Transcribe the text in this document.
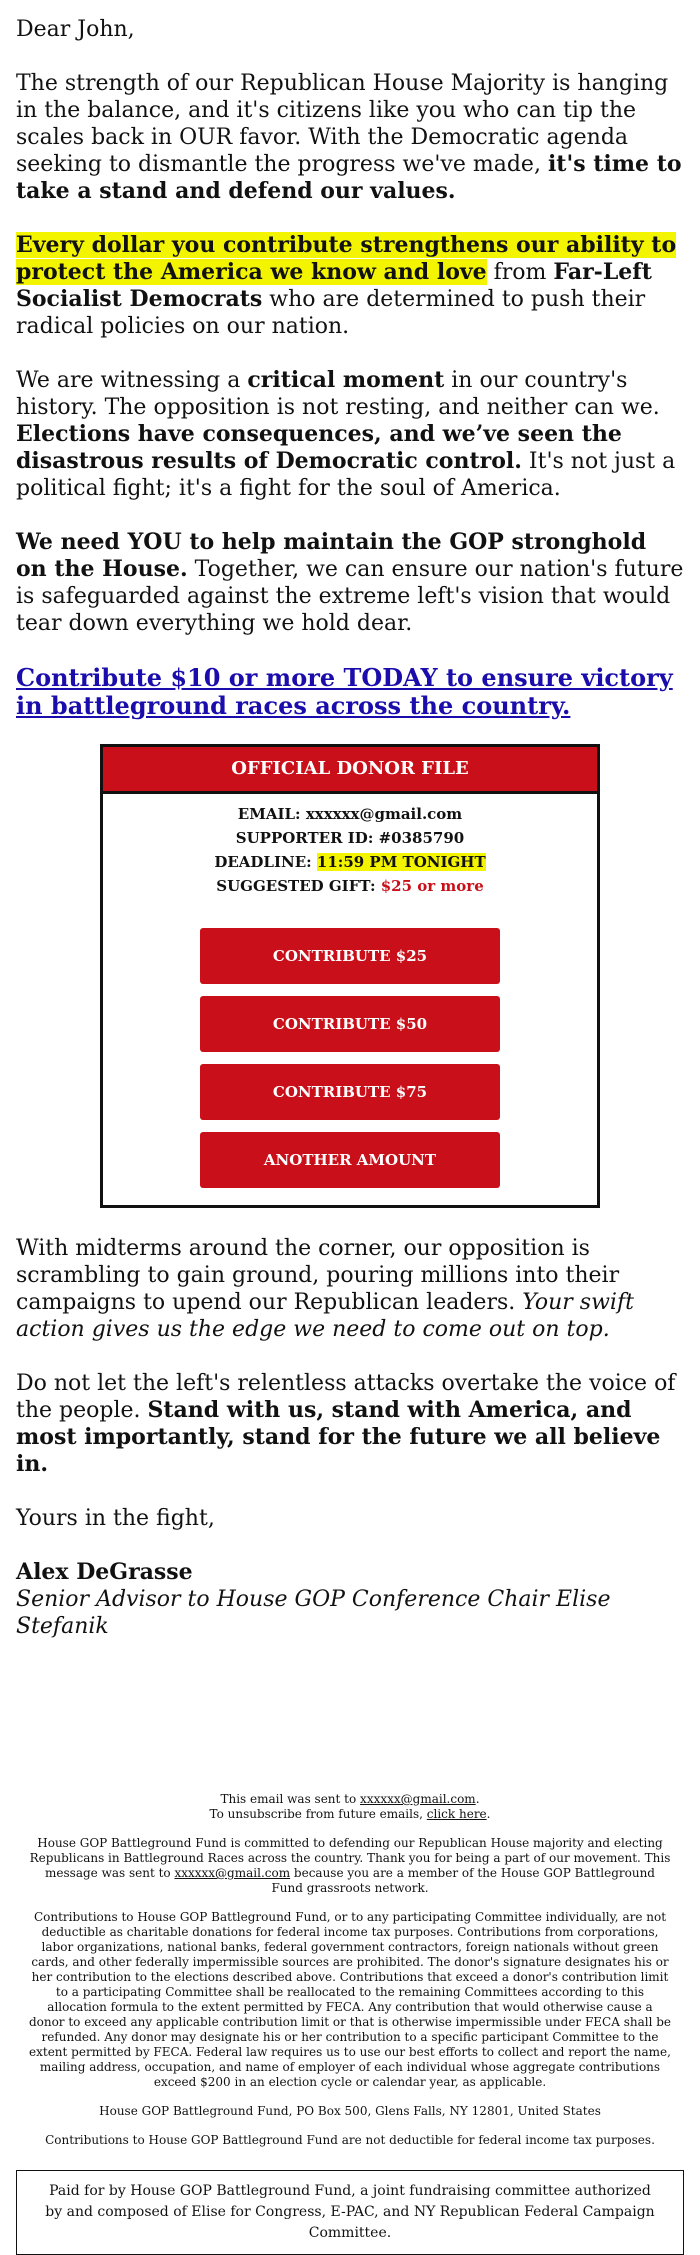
Dear John,

The strength of our Republican House Majority is hanging in the balance, and it's citizens like you who can tip the scales back in OUR favor. With the Democratic agenda seeking to dismantle the progress we've made, it's time to take a stand and defend our values.

Every dollar you contribute strengthens our ability to protect the America we know and love from Far-Left Socialist Democrats who are determined to push their radical policies on our nation.

We are witnessing a critical moment in our country's history. The opposition is not resting, and neither can we. Elections have consequences, and we’ve seen the disastrous results of Democratic control. It's not just a political fight; it's a fight for the soul of America.

We need YOU to help maintain the GOP stronghold on the House. Together, we can ensure our nation's future is safeguarded against the extreme left's vision that would tear down everything we hold dear.

Contribute $10 or more TODAY to ensure victory in battleground races across the country.
OFFICIAL DONOR FILE
EMAIL: xxxxxx@gmail.com
SUPPORTER ID: #0385790
DEADLINE: 11:59 PM TONIGHT
SUGGESTED GIFT: $25 or more
CONTRIBUTE $25
CONTRIBUTE $50
CONTRIBUTE $75
ANOTHER AMOUNT

With midterms around the corner, our opposition is scrambling to gain ground, pouring millions into their campaigns to upend our Republican leaders. Your swift action gives us the edge we need to come out on top.

Do not let the left's relentless attacks overtake the voice of the people. Stand with us, stand with America, and most importantly, stand for the future we all believe in.

Yours in the fight,

Alex DeGrasse

Senior Advisor to House GOP Conference Chair Elise Stefanik

This email was sent to xxxxxx@gmail.com.
To unsubscribe from future emails, click here.

House GOP Battleground Fund is committed to defending our Republican House majority and electing Republicans in Battleground Races across the country. Thank you for being a part of our movement. This message was sent to xxxxxx@gmail.com because you are a member of the House GOP Battleground Fund grassroots network.

Contributions to House GOP Battleground Fund, or to any participating Committee individually, are not deductible as charitable donations for federal income tax purposes. Contributions from corporations, labor organizations, national banks, federal government contractors, foreign nationals without green cards, and other federally impermissible sources are prohibited. The donor's signature designates his or her contribution to the elections described above. Contributions that exceed a donor's contribution limit to a participating Committee shall be reallocated to the remaining Committees according to this allocation formula to the extent permitted by FECA. Any contribution that would otherwise cause a donor to exceed any applicable contribution limit or that is otherwise impermissible under FECA shall be refunded. Any donor may designate his or her contribution to a specific participant Committee to the extent permitted by FECA. Federal law requires us to use our best efforts to collect and report the name, mailing address, occupation, and name of employer of each individual whose aggregate contributions exceed $200 in an election cycle or calendar year, as applicable.

House GOP Battleground Fund, PO Box 500, Glens Falls, NY 12801, United States

Contributions to House GOP Battleground Fund are not deductible for federal income tax purposes.

Paid for by House GOP Battleground Fund, a joint fundraising committee authorized by and composed of Elise for Congress, E-PAC, and NY Republican Federal Campaign Committee.
